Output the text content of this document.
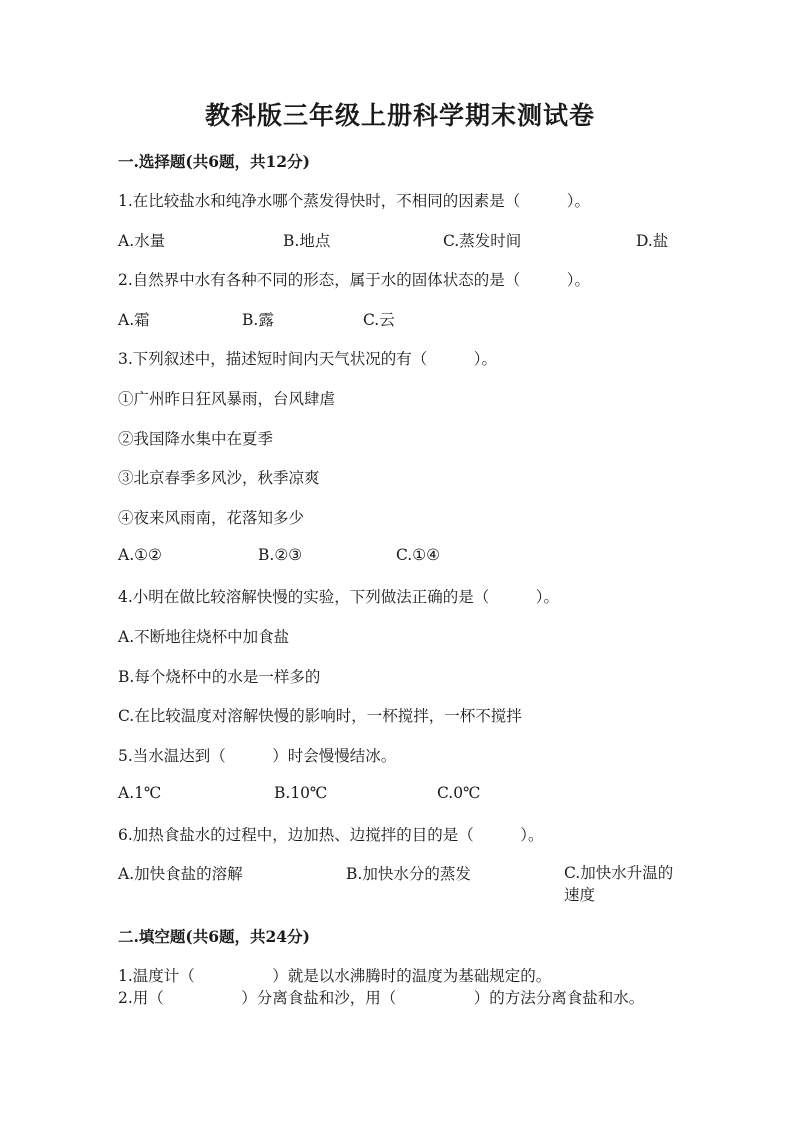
教科版三年级上册科学期末测试卷
一.选择题(共6题，共12分)
1.在比较盐水和纯净水哪个蒸发得快时，不相同的因素是（　　　）。
A.水量	B.地点	C.蒸发时间	D.盐
2.自然界中水有各种不同的形态，属于水的固体状态的是（　　　）。
A.霜	B.露	C.云
3.下列叙述中，描述短时间内天气状况的有（　　　）。
①广州昨日狂风暴雨，台风肆虐
②我国降水集中在夏季
③北京春季多风沙，秋季凉爽
④夜来风雨南，花落知多少
A.①②	B.②③	C.①④
4.小明在做比较溶解快慢的实验，下列做法正确的是（　　　）。
A.不断地往烧杯中加食盐
B.每个烧杯中的水是一样多的
C.在比较温度对溶解快慢的影响时，一杯搅拌，一杯不搅拌
5.当水温达到（　　　）时会慢慢结冰。
A.1℃	B.10℃	C.0℃
6.加热食盐水的过程中，边加热、边搅拌的目的是（　　　）。
A.加快食盐的溶解	B.加快水分的蒸发	C.加快水升温的速度
二.填空题(共6题，共24分)
1.温度计（　　　　　）就是以水沸腾时的温度为基础规定的。
2.用（　　　　　）分离食盐和沙，用（　　　　　）的方法分离食盐和水。
